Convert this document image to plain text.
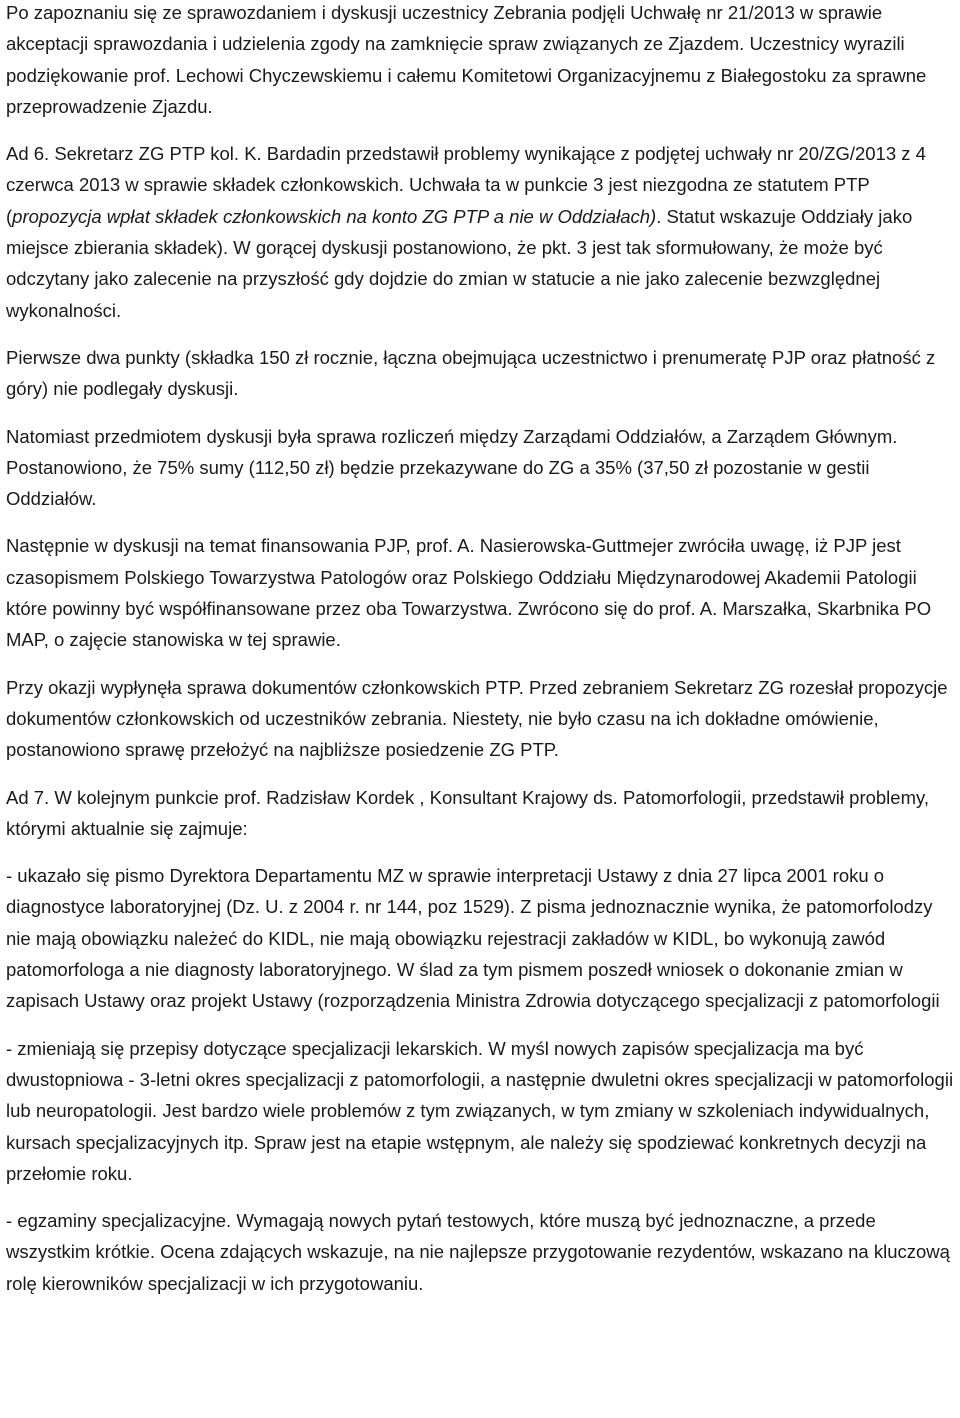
Po zapoznaniu się ze sprawozdaniem i dyskusji uczestnicy Zebrania podjęli Uchwałę nr 21/2013 w sprawie akceptacji sprawozdania i udzielenia zgody na zamknięcie spraw związanych ze Zjazdem. Uczestnicy wyrazili podziękowanie prof. Lechowi Chyczewskiemu i całemu Komitetowi Organizacyjnemu z Białegostoku za sprawne przeprowadzenie Zjazdu.

Ad 6. Sekretarz ZG PTP kol. K. Bardadin przedstawił problemy wynikające z podjętej uchwały nr 20/ZG/2013 z 4 czerwca 2013 w sprawie składek członkowskich. Uchwała ta w punkcie 3 jest niezgodna ze statutem PTP (propozycja wpłat składek członkowskich na konto ZG PTP a nie w Oddziałach). Statut wskazuje Oddziały jako miejsce zbierania składek). W gorącej dyskusji postanowiono, że pkt. 3 jest tak sformułowany, że może być odczytany jako zalecenie na przyszłość gdy dojdzie do zmian w statucie a nie jako zalecenie bezwzględnej wykonalności.

Pierwsze dwa punkty (składka 150 zł rocznie, łączna obejmująca uczestnictwo i prenumeratę PJP oraz płatność z góry) nie podlegały dyskusji.

Natomiast przedmiotem dyskusji była sprawa rozliczeń między Zarządami Oddziałów, a Zarządem Głównym. Postanowiono, że 75% sumy (112,50 zł) będzie przekazywane do ZG a 35% (37,50 zł pozostanie w gestii Oddziałów.

Następnie w dyskusji na temat finansowania PJP, prof. A. Nasierowska-Guttmejer zwróciła uwagę, iż PJP jest czasopismem Polskiego Towarzystwa Patologów oraz Polskiego Oddziału Międzynarodowej Akademii Patologii które powinny być współfinansowane przez oba Towarzystwa. Zwrócono się do prof. A. Marszałka, Skarbnika PO MAP, o zajęcie stanowiska w tej sprawie.

Przy okazji wypłynęła sprawa dokumentów członkowskich PTP. Przed zebraniem Sekretarz ZG rozesłał propozycje dokumentów członkowskich od uczestników zebrania. Niestety, nie było czasu na ich dokładne omówienie, postanowiono sprawę przełożyć na najbliższe posiedzenie ZG PTP.

Ad 7. W kolejnym punkcie prof. Radzisław Kordek , Konsultant Krajowy ds. Patomorfologii, przedstawił problemy, którymi aktualnie się zajmuje:

- ukazało się pismo Dyrektora Departamentu MZ w sprawie interpretacji Ustawy z dnia 27 lipca 2001 roku o diagnostyce laboratoryjnej (Dz. U. z 2004 r. nr 144, poz 1529). Z pisma jednoznacznie wynika, że patomorfolodzy nie mają obowiązku należeć do KIDL, nie mają obowiązku rejestracji zakładów w KIDL, bo wykonują zawód patomorfologa a nie diagnosty laboratoryjnego. W ślad za tym pismem poszedł wniosek o dokonanie zmian w zapisach Ustawy oraz projekt Ustawy (rozporządzenia Ministra Zdrowia dotyczącego specjalizacji z patomorfologii

- zmieniają się przepisy dotyczące specjalizacji lekarskich. W myśl nowych zapisów specjalizacja ma być dwustopniowa - 3-letni okres specjalizacji z patomorfologii, a następnie dwuletni okres specjalizacji w patomorfologii lub neuropatologii. Jest bardzo wiele problemów z tym związanych, w tym zmiany w szkoleniach indywidualnych, kursach specjalizacyjnych itp. Spraw jest na etapie wstępnym, ale należy się spodziewać konkretnych decyzji na przełomie roku.

- egzaminy specjalizacyjne. Wymagają nowych pytań testowych, które muszą być jednoznaczne, a przede wszystkim krótkie. Ocena zdających wskazuje, na nie najlepsze przygotowanie rezydentów, wskazano na kluczową rolę kierowników specjalizacji w ich przygotowaniu.
